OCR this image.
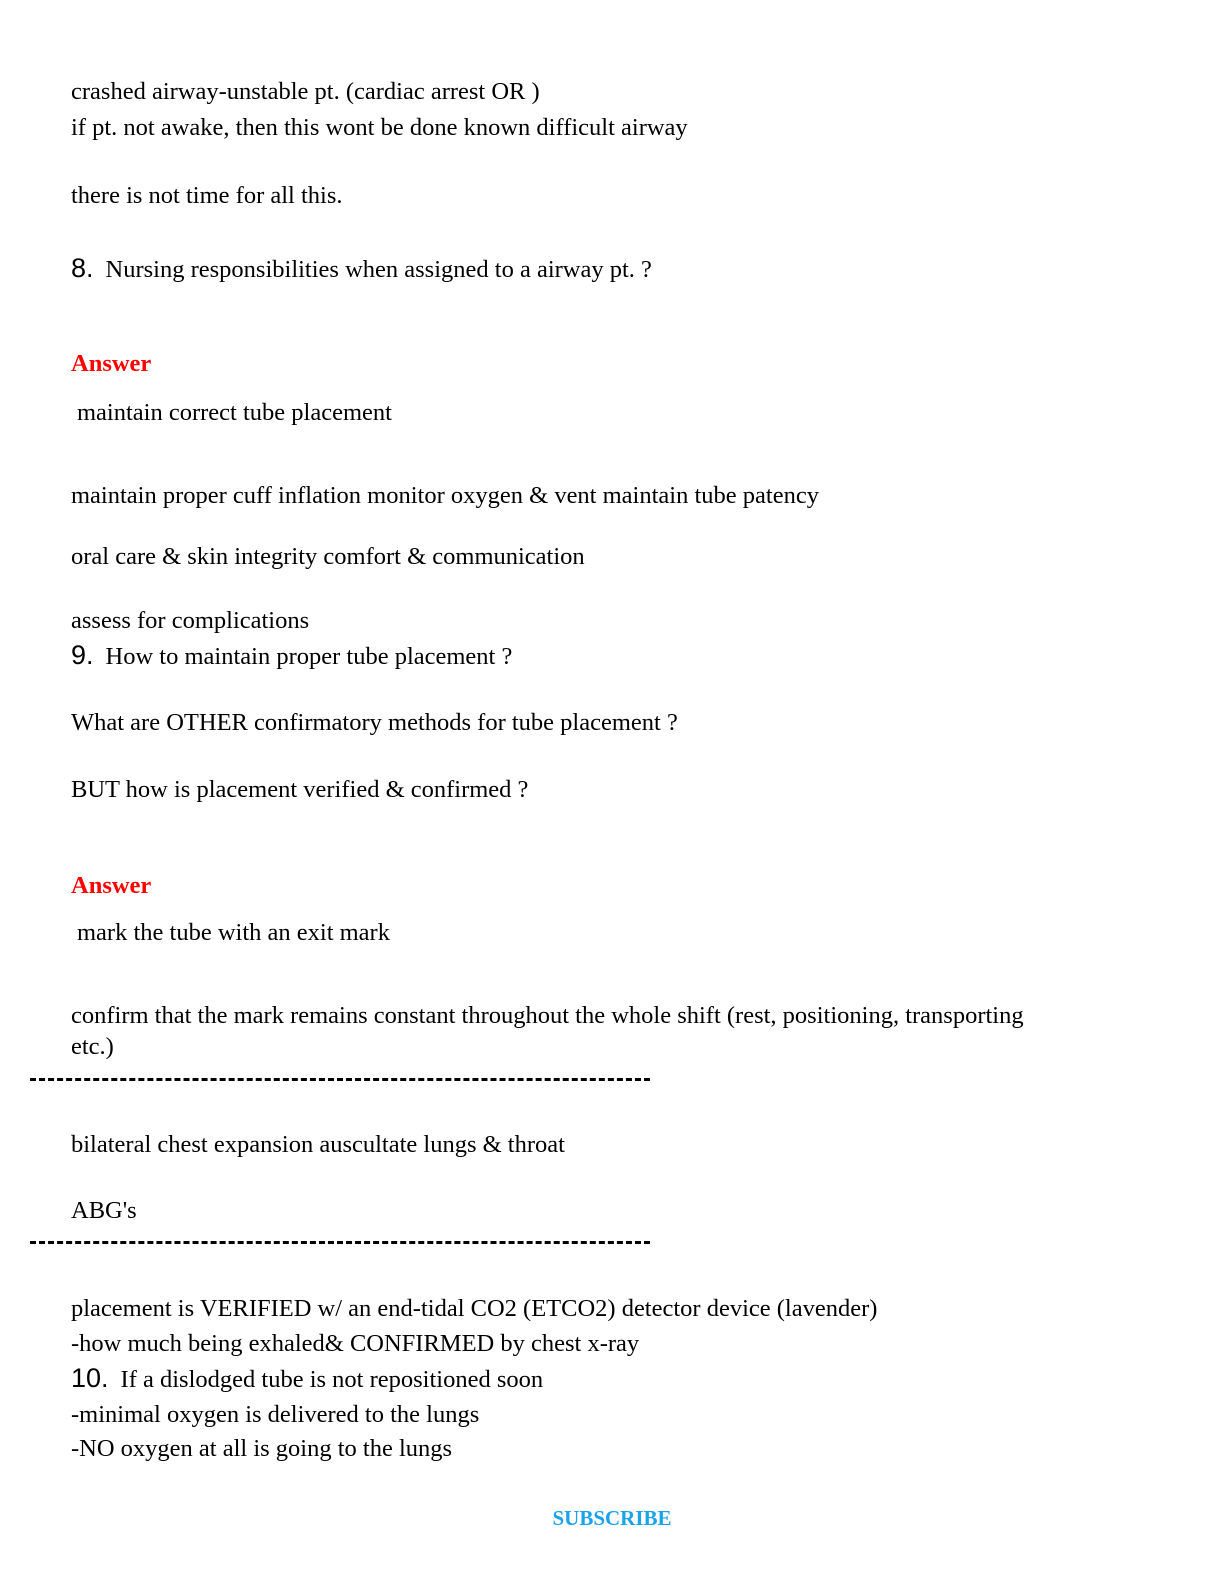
crashed airway-unstable pt. (cardiac arrest OR )
if pt. not awake, then this wont be done known difficult airway
there is not time for all this.
8. Nursing responsibilities when assigned to a airway pt. ?
Answer
maintain correct tube placement
maintain proper cuff inflation monitor oxygen & vent maintain tube patency
oral care & skin integrity comfort & communication
assess for complications
9. How to maintain proper tube placement ?
What are OTHER confirmatory methods for tube placement ?
BUT how is placement verified & confirmed ?
Answer
mark the tube with an exit mark
confirm that the mark remains constant throughout the whole shift (rest, positioning, transporting
etc.)
bilateral chest expansion auscultate lungs & throat
ABG's
placement is VERIFIED w/ an end-tidal CO2 (ETCO2) detector device (lavender)
-how much being exhaled& CONFIRMED by chest x-ray
10. If a dislodged tube is not repositioned soon
-minimal oxygen is delivered to the lungs
-NO oxygen at all is going to the lungs
SUBSCRIBE
